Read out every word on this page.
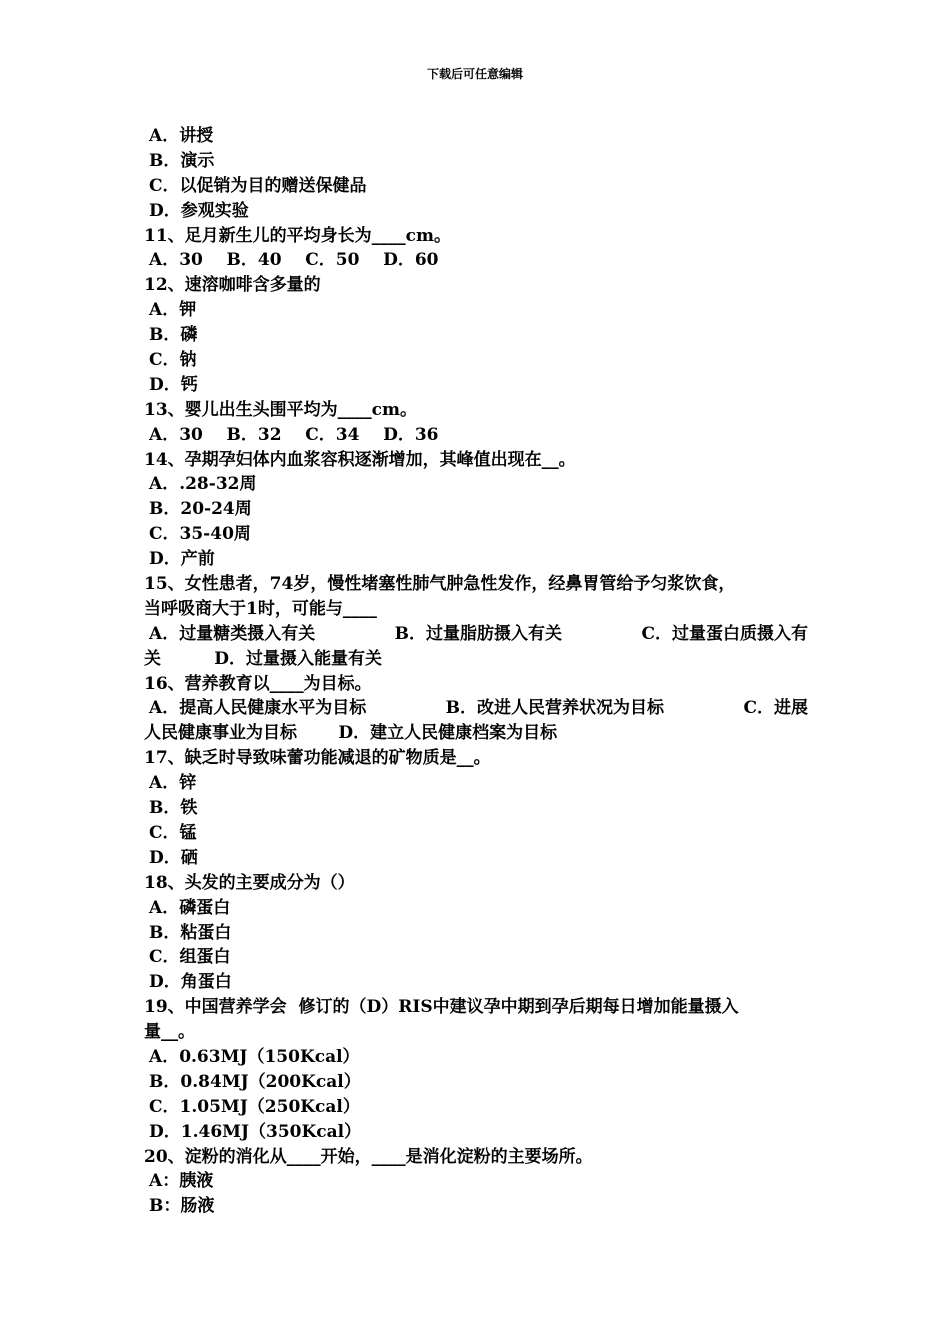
下载后可任意编辑
A．讲授
B．演示
C．以促销为目的赠送保健品
D．参观实验
11、足月新生儿的平均身长为____cm。
A．30    B．40    C．50    D．60
12、速溶咖啡含多量的
A．钾
B．磷
C．钠
D．钙
13、婴儿出生头围平均为____cm。
A．30    B．32    C．34    D．36
14、孕期孕妇体内血浆容积逐渐增加，其峰值出现在__。
A．.28-32周
B．20-24周
C．35-40周
D．产前
15、女性患者，74岁，慢性堵塞性肺气肿急性发作，经鼻胃管给予匀浆饮食，
当呼吸商大于1时，可能与____
A．过量糖类摄入有关	B．过量脂肪摄入有关	C．过量蛋白质摄入有
关         D．过量摄入能量有关
16、营养教育以____为目标。
A．提高人民健康水平为目标	B．改进人民营养状况为目标	C．进展
人民健康事业为目标       D．建立人民健康档案为目标
17、缺乏时导致味蕾功能减退的矿物质是__。
A．锌
B．铁
C．锰
D．硒
18、头发的主要成分为（）
A．磷蛋白
B．粘蛋白
C．组蛋白
D．角蛋白
19、中国营养学会  修订的（D）RIS中建议孕中期到孕后期每日增加能量摄入
量__。
A．0.63MJ（150Kcal）
B．0.84MJ（200Kcal）
C．1.05MJ（250Kcal）
D．1.46MJ（350Kcal）
20、淀粉的消化从____开始，____是消化淀粉的主要场所。
A：胰液
B：肠液
